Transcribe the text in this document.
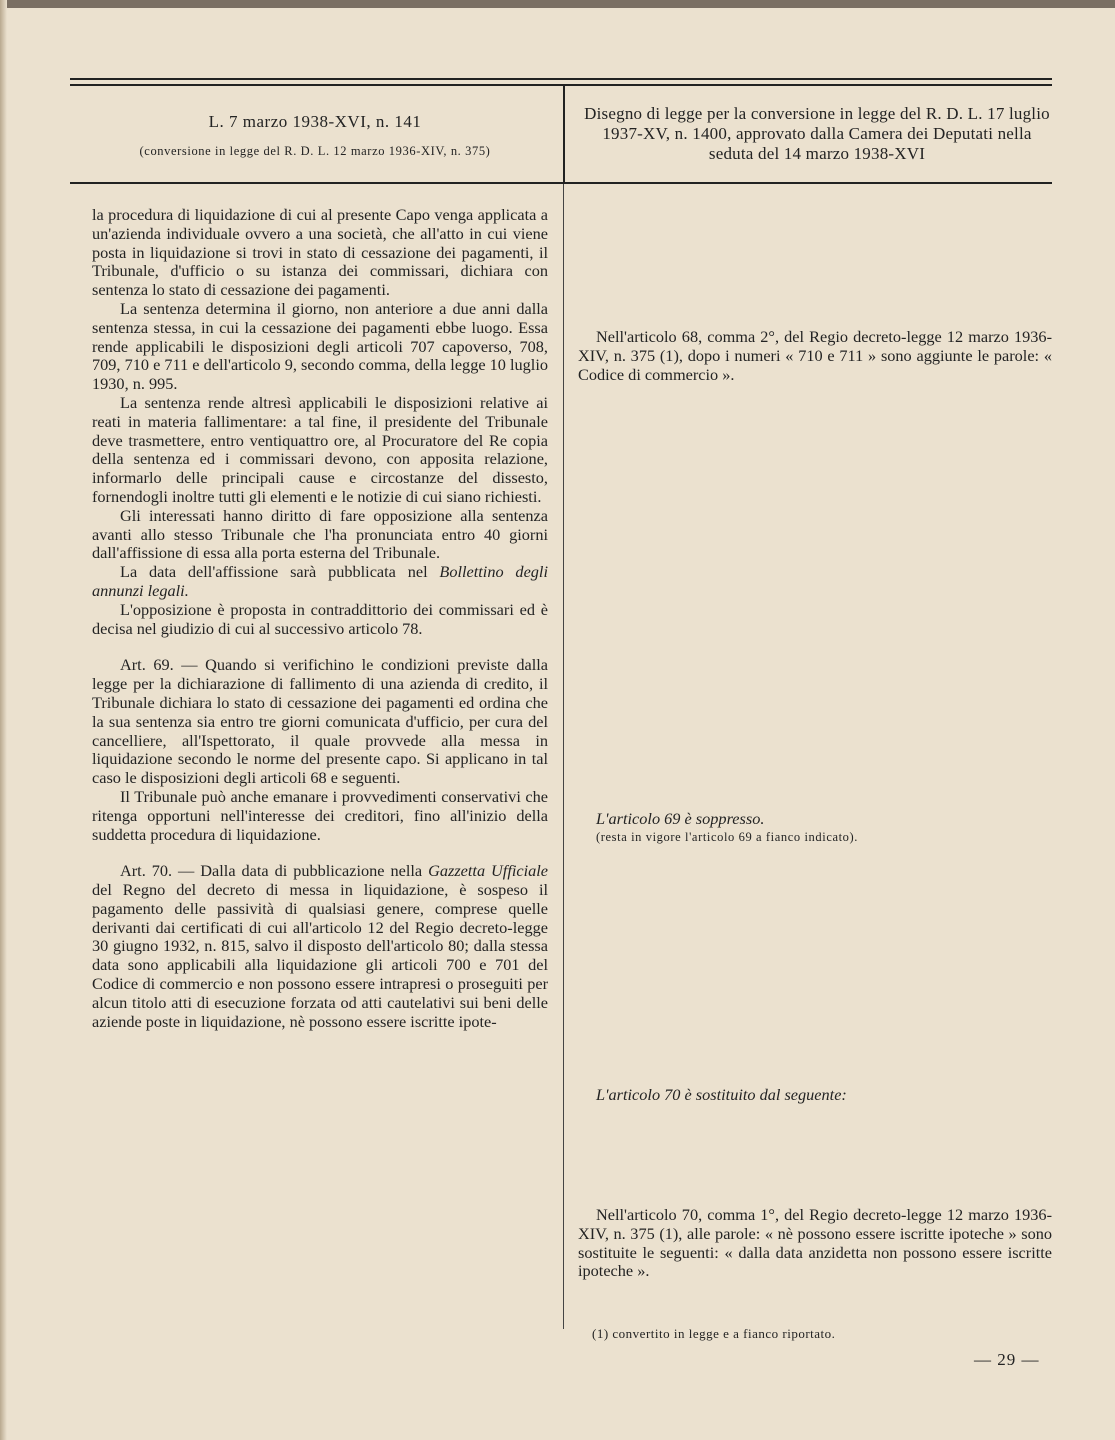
L. 7 marzo 1938-XVI, n. 141
(conversione in legge del R. D. L. 12 marzo 1936-XIV, n. 375)
Disegno di legge per la conversione in legge del R. D. L. 17 luglio 1937-XV, n. 1400, approvato dalla Camera dei Deputati nella seduta del 14 marzo 1938-XVI

la procedura di liquidazione di cui al presente Capo venga applicata a un'azienda individuale ovvero a una società, che all'atto in cui viene posta in liquidazione si trovi in stato di cessazione dei pagamenti, il Tribunale, d'ufficio o su istanza dei commissari, dichiara con sentenza lo stato di cessazione dei pagamenti.

La sentenza determina il giorno, non anteriore a due anni dalla sentenza stessa, in cui la cessazione dei pagamenti ebbe luogo. Essa rende applicabili le disposizioni degli articoli 707 capoverso, 708, 709, 710 e 711 e dell'articolo 9, secondo comma, della legge 10 luglio 1930, n. 995.

La sentenza rende altresì applicabili le disposizioni relative ai reati in materia fallimentare: a tal fine, il presidente del Tribunale deve trasmettere, entro ventiquattro ore, al Procuratore del Re copia della sentenza ed i commissari devono, con apposita relazione, informarlo delle principali cause e circostanze del dissesto, fornendogli inoltre tutti gli elementi e le notizie di cui siano richiesti.

Gli interessati hanno diritto di fare opposizione alla sentenza avanti allo stesso Tribunale che l'ha pronunciata entro 40 giorni dall'affissione di essa alla porta esterna del Tribunale.

La data dell'affissione sarà pubblicata nel Bollettino degli annunzi legali.

L'opposizione è proposta in contraddittorio dei commissari ed è decisa nel giudizio di cui al successivo articolo 78.

Art. 69. — Quando si verifichino le condizioni previste dalla legge per la dichiarazione di fallimento di una azienda di credito, il Tribunale dichiara lo stato di cessazione dei pagamenti ed ordina che la sua sentenza sia entro tre giorni comunicata d'ufficio, per cura del cancelliere, all'Ispettorato, il quale provvede alla messa in liquidazione secondo le norme del presente capo. Si applicano in tal caso le disposizioni degli articoli 68 e seguenti.

Il Tribunale può anche emanare i provvedimenti conservativi che ritenga opportuni nell'interesse dei creditori, fino all'inizio della suddetta procedura di liquidazione.

Art. 70. — Dalla data di pubblicazione nella Gazzetta Ufficiale del Regno del decreto di messa in liquidazione, è sospeso il pagamento delle passività di qualsiasi genere, comprese quelle derivanti dai certificati di cui all'articolo 12 del Regio decreto-legge 30 giugno 1932, n. 815, salvo il disposto dell'articolo 80; dalla stessa data sono applicabili alla liquidazione gli articoli 700 e 701 del Codice di commercio e non possono essere intrapresi o proseguiti per alcun titolo atti di esecuzione forzata od atti cautelativi sui beni delle aziende poste in liquidazione, nè possono essere iscritte ipote-

Nell'articolo 68, comma 2°, del Regio decreto-legge 12 marzo 1936-XIV, n. 375 (1), dopo i numeri « 710 e 711 » sono aggiunte le parole: « Codice di commercio ».

L'articolo 69 è soppresso.

(resta in vigore l'articolo 69 a fianco indicato).

L'articolo 70 è sostituito dal seguente:

Nell'articolo 70, comma 1°, del Regio decreto-legge 12 marzo 1936-XIV, n. 375 (1), alle parole: « nè possono essere iscritte ipoteche » sono sostituite le seguenti: « dalla data anzidetta non possono essere iscritte ipoteche ».

(1) convertito in legge e a fianco riportato.
— 29 —
